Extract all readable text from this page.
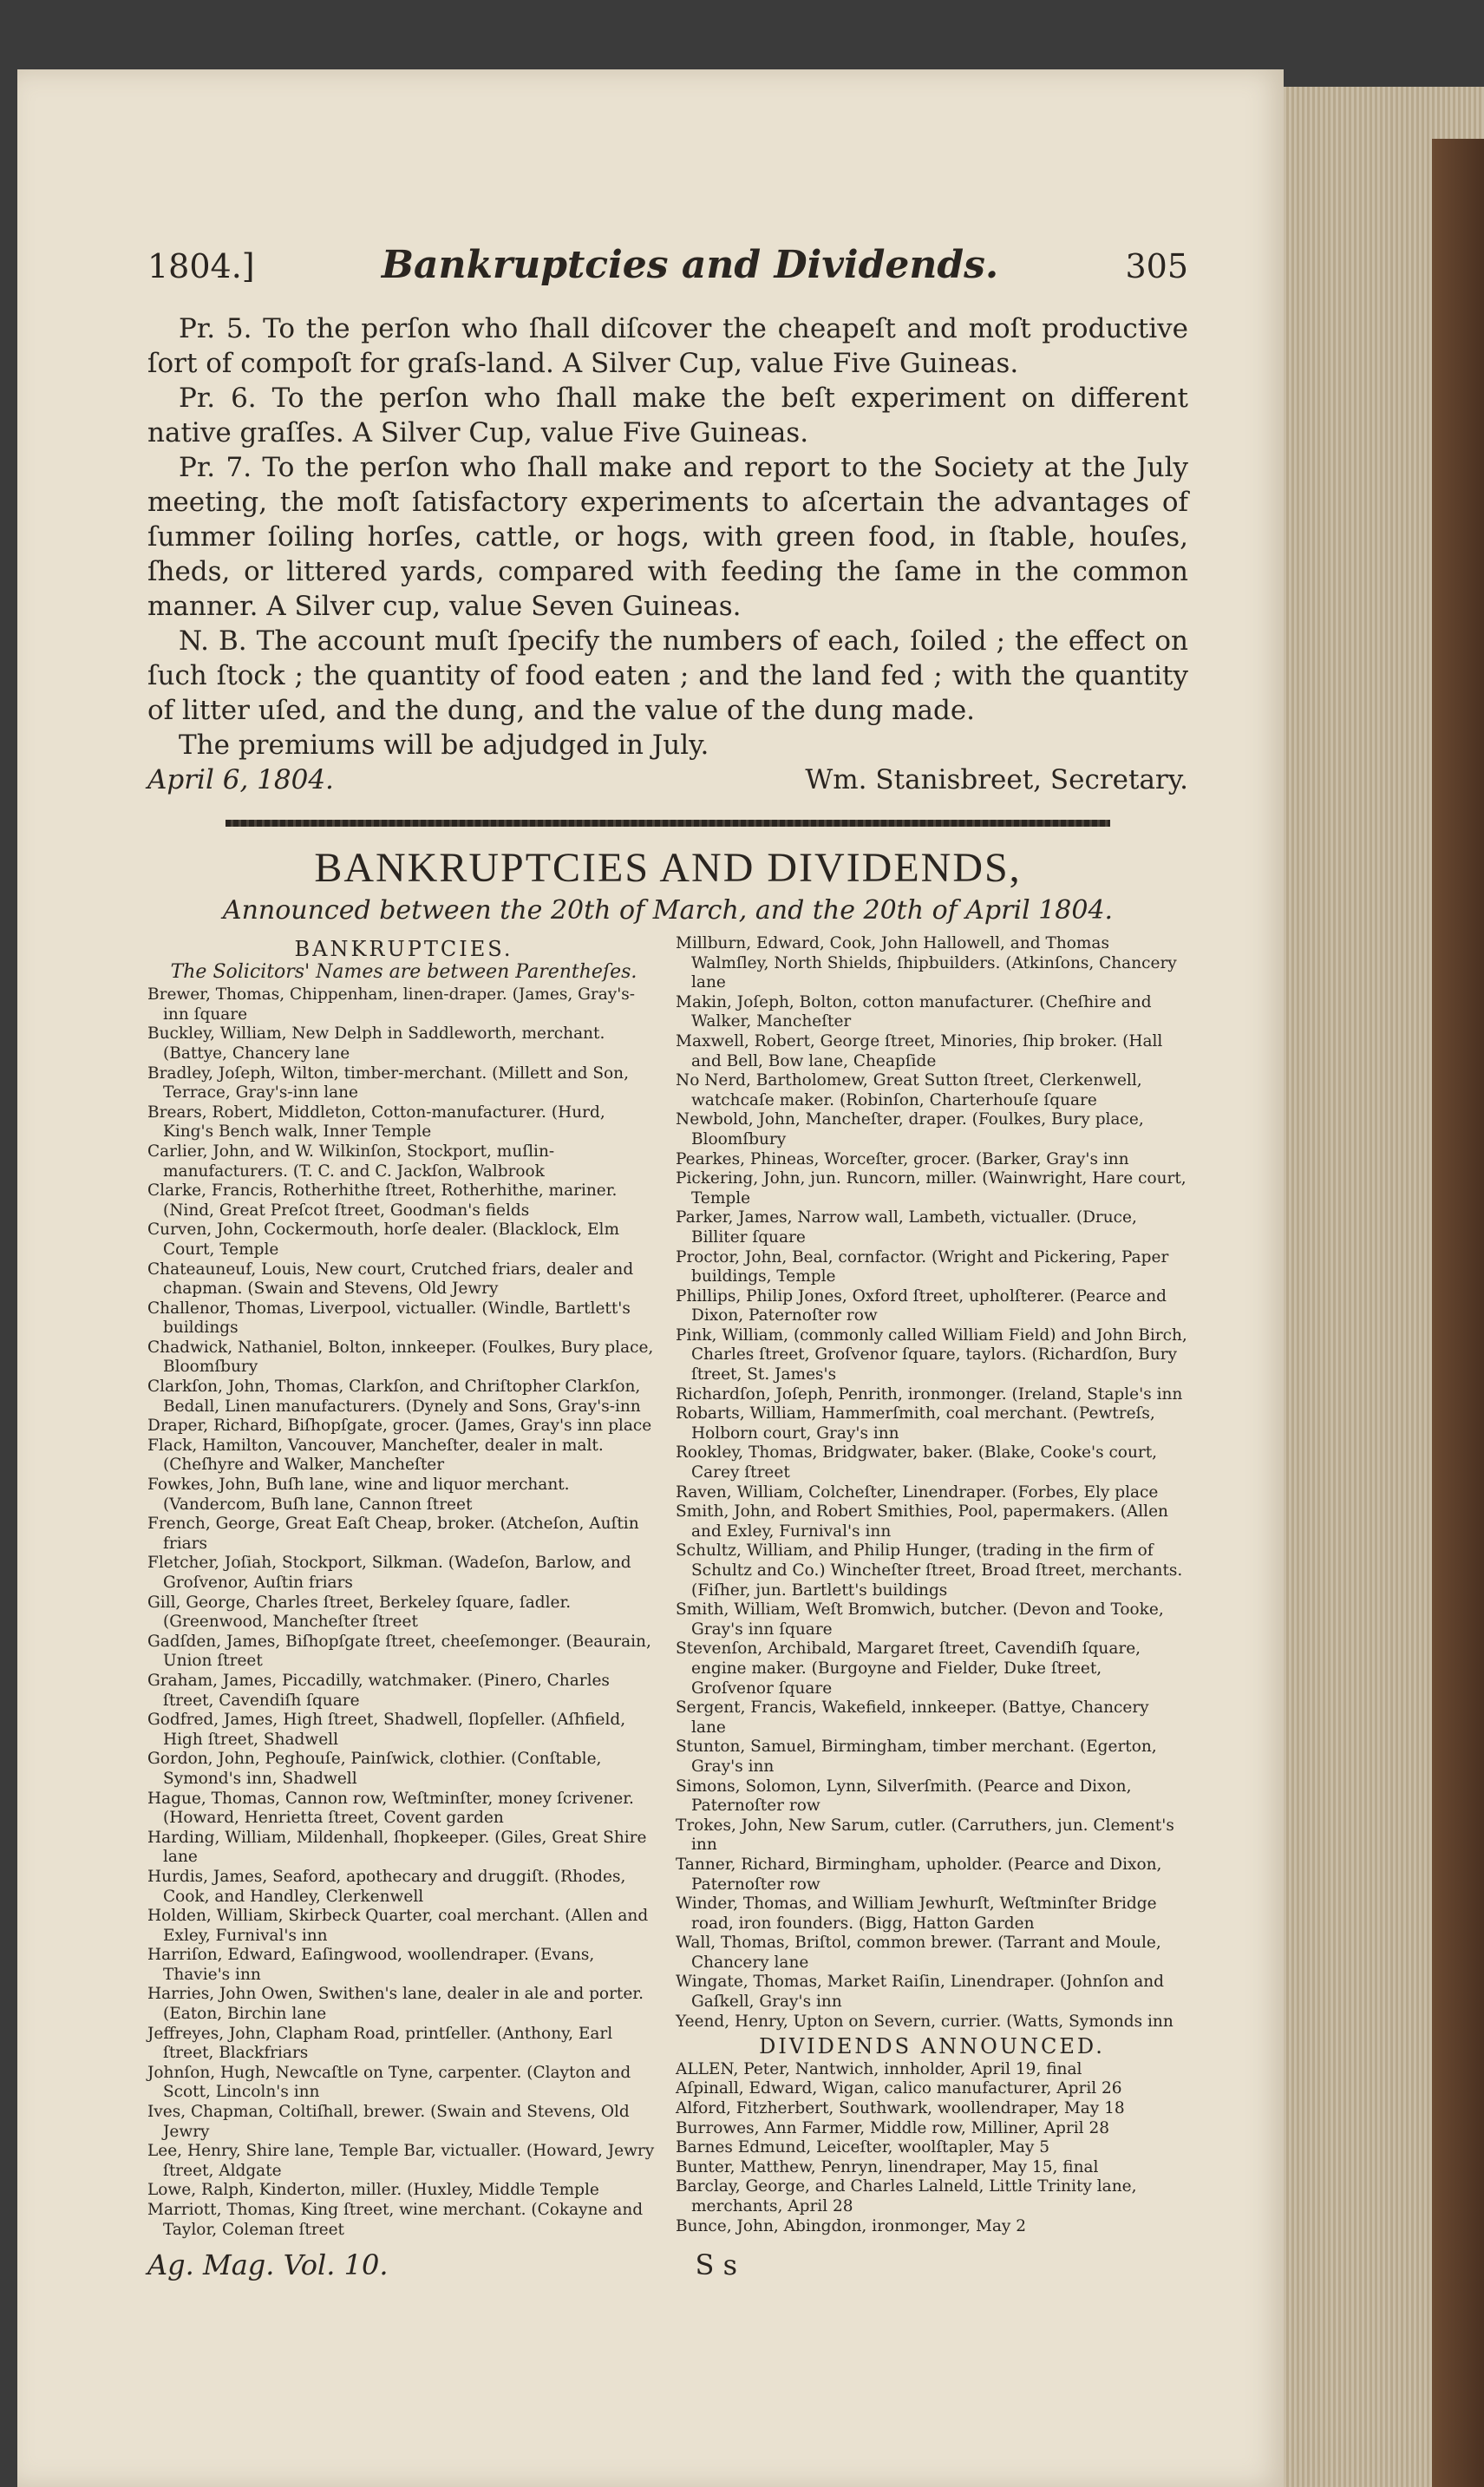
1804.]	Bankruptcies and Dividends.	305

Pr. 5. To the perſon who ſhall diſcover the cheapeſt and moſt productive ſort of compoſt for graſs-land. A Silver Cup, value Five Guineas.

Pr. 6. To the perſon who ſhall make the beſt experiment on different native graſſes. A Silver Cup, value Five Guineas.

Pr. 7. To the perſon who ſhall make and report to the Society at the July meeting, the moſt ſatisfactory experiments to aſcertain the advantages of ſummer ſoiling horſes, cattle, or hogs, with green food, in ſtable, houſes, ſheds, or littered yards, compared with feeding the ſame in the common manner. A Silver cup, value Seven Guineas.

N. B. The account muſt ſpecify the numbers of each, ſoiled ; the effect on ſuch ſtock ; the quantity of food eaten ; and the land fed ; with the quantity of litter uſed, and the dung, and the value of the dung made.

The premiums will be adjudged in July.

April 6, 1804.	Wm. Stanisbreet, Secretary.
BANKRUPTCIES AND DIVIDENDS,
Announced between the 20th of March, and the 20th of April 1804.
BANKRUPTCIES.
The Solicitors' Names are between Parentheſes.

Brewer, Thomas, Chippenham, linen-draper. (James, Gray's-inn ſquare

Buckley, William, New Delph in Saddleworth, merchant. (Battye, Chancery lane

Bradley, Joſeph, Wilton, timber-merchant. (Millett and Son, Terrace, Gray's-inn lane

Brears, Robert, Middleton, Cotton-manufacturer. (Hurd, King's Bench walk, Inner Temple

Carlier, John, and W. Wilkinſon, Stockport, muſlin-manufacturers. (T. C. and C. Jackſon, Walbrook

Clarke, Francis, Rotherhithe ſtreet, Rotherhithe, mariner. (Nind, Great Preſcot ſtreet, Goodman's fields

Curven, John, Cockermouth, horſe dealer. (Blacklock, Elm Court, Temple

Chateauneuf, Louis, New court, Crutched friars, dealer and chapman. (Swain and Stevens, Old Jewry

Challenor, Thomas, Liverpool, victualler. (Windle, Bartlett's buildings

Chadwick, Nathaniel, Bolton, innkeeper. (Foulkes, Bury place, Bloomſbury

Clarkſon, John, Thomas, Clarkſon, and Chriſtopher Clarkſon, Bedall, Linen manufacturers. (Dynely and Sons, Gray's-inn

Draper, Richard, Biſhopſgate, grocer. (James, Gray's inn place

Flack, Hamilton, Vancouver, Mancheſter, dealer in malt. (Cheſhyre and Walker, Mancheſter

Fowkes, John, Buſh lane, wine and liquor merchant. (Vandercom, Buſh lane, Cannon ſtreet

French, George, Great Eaſt Cheap, broker. (Atcheſon, Auſtin friars

Fletcher, Joſiah, Stockport, Silkman. (Wadeſon, Barlow, and Groſvenor, Auſtin friars

Gill, George, Charles ſtreet, Berkeley ſquare, ſadler. (Greenwood, Mancheſter ſtreet

Gadſden, James, Biſhopſgate ſtreet, cheeſemonger. (Beaurain, Union ſtreet

Graham, James, Piccadilly, watchmaker. (Pinero, Charles ſtreet, Cavendiſh ſquare

Godfred, James, High ſtreet, Shadwell, ſlopſeller. (Aſhfield, High ſtreet, Shadwell

Gordon, John, Peghouſe, Painſwick, clothier. (Conſtable, Symond's inn, Shadwell

Hague, Thomas, Cannon row, Weſtminſter, money ſcrivener. (Howard, Henrietta ſtreet, Covent garden

Harding, William, Mildenhall, ſhopkeeper. (Giles, Great Shire lane

Hurdis, James, Seaford, apothecary and druggiſt. (Rhodes, Cook, and Handley, Clerkenwell

Holden, William, Skirbeck Quarter, coal merchant. (Allen and Exley, Furnival's inn

Harriſon, Edward, Eaſingwood, woollendraper. (Evans, Thavie's inn

Harries, John Owen, Swithen's lane, dealer in ale and porter. (Eaton, Birchin lane

Jeffreyes, John, Clapham Road, printſeller. (Anthony, Earl ſtreet, Blackfriars

Johnſon, Hugh, Newcaſtle on Tyne, carpenter. (Clayton and Scott, Lincoln's inn

Ives, Chapman, Coltiſhall, brewer. (Swain and Stevens, Old Jewry

Lee, Henry, Shire lane, Temple Bar, victualler. (Howard, Jewry ſtreet, Aldgate

Lowe, Ralph, Kinderton, miller. (Huxley, Middle Temple

Marriott, Thomas, King ſtreet, wine merchant. (Cokayne and Taylor, Coleman ſtreet

Millburn, Edward, Cook, John Hallowell, and Thomas Walmſley, North Shields, ſhipbuilders. (Atkinſons, Chancery lane

Makin, Joſeph, Bolton, cotton manufacturer. (Cheſhire and Walker, Mancheſter

Maxwell, Robert, George ſtreet, Minories, ſhip broker. (Hall and Bell, Bow lane, Cheapſide

No Nerd, Bartholomew, Great Sutton ſtreet, Clerkenwell, watchcaſe maker. (Robinſon, Charterhouſe ſquare

Newbold, John, Mancheſter, draper. (Foulkes, Bury place, Bloomſbury

Pearkes, Phineas, Worceſter, grocer. (Barker, Gray's inn

Pickering, John, jun. Runcorn, miller. (Wainwright, Hare court, Temple

Parker, James, Narrow wall, Lambeth, victualler. (Druce, Billiter ſquare

Proctor, John, Beal, cornfactor. (Wright and Pickering, Paper buildings, Temple

Phillips, Philip Jones, Oxford ſtreet, upholſterer. (Pearce and Dixon, Paternoſter row

Pink, William, (commonly called William Field) and John Birch, Charles ſtreet, Groſvenor ſquare, taylors. (Richardſon, Bury ſtreet, St. James's

Richardſon, Joſeph, Penrith, ironmonger. (Ireland, Staple's inn

Robarts, William, Hammerſmith, coal merchant. (Pewtreſs, Holborn court, Gray's inn

Rookley, Thomas, Bridgwater, baker. (Blake, Cooke's court, Carey ſtreet

Raven, William, Colcheſter, Linendraper. (Forbes, Ely place

Smith, John, and Robert Smithies, Pool, papermakers. (Allen and Exley, Furnival's inn

Schultz, William, and Philip Hunger, (trading in the firm of Schultz and Co.) Wincheſter ſtreet, Broad ſtreet, merchants. (Fiſher, jun. Bartlett's buildings

Smith, William, Weſt Bromwich, butcher. (Devon and Tooke, Gray's inn ſquare

Stevenſon, Archibald, Margaret ſtreet, Cavendiſh ſquare, engine maker. (Burgoyne and Fielder, Duke ſtreet, Groſvenor ſquare

Sergent, Francis, Wakefield, innkeeper. (Battye, Chancery lane

Stunton, Samuel, Birmingham, timber merchant. (Egerton, Gray's inn

Simons, Solomon, Lynn, Silverſmith. (Pearce and Dixon, Paternoſter row

Trokes, John, New Sarum, cutler. (Carruthers, jun. Clement's inn

Tanner, Richard, Birmingham, upholder. (Pearce and Dixon, Paternoſter row

Winder, Thomas, and William Jewhurſt, Weſtminſter Bridge road, iron founders. (Bigg, Hatton Garden

Wall, Thomas, Briſtol, common brewer. (Tarrant and Moule, Chancery lane

Wingate, Thomas, Market Raiſin, Linendraper. (Johnſon and Gaſkell, Gray's inn

Yeend, Henry, Upton on Severn, currier. (Watts, Symonds inn

DIVIDENDS ANNOUNCED.

ALLEN, Peter, Nantwich, innholder, April 19, final

Aſpinall, Edward, Wigan, calico manufacturer, April 26

Alford, Fitzherbert, Southwark, woollendraper, May 18

Burrowes, Ann Farmer, Middle row, Milliner, April 28

Barnes Edmund, Leiceſter, woolſtapler, May 5

Bunter, Matthew, Penryn, linendraper, May 15, final

Barclay, George, and Charles Lalneld, Little Trinity lane, merchants, April 28

Bunce, John, Abingdon, ironmonger, May 2

Ag. Mag. Vol. 10.	S s
